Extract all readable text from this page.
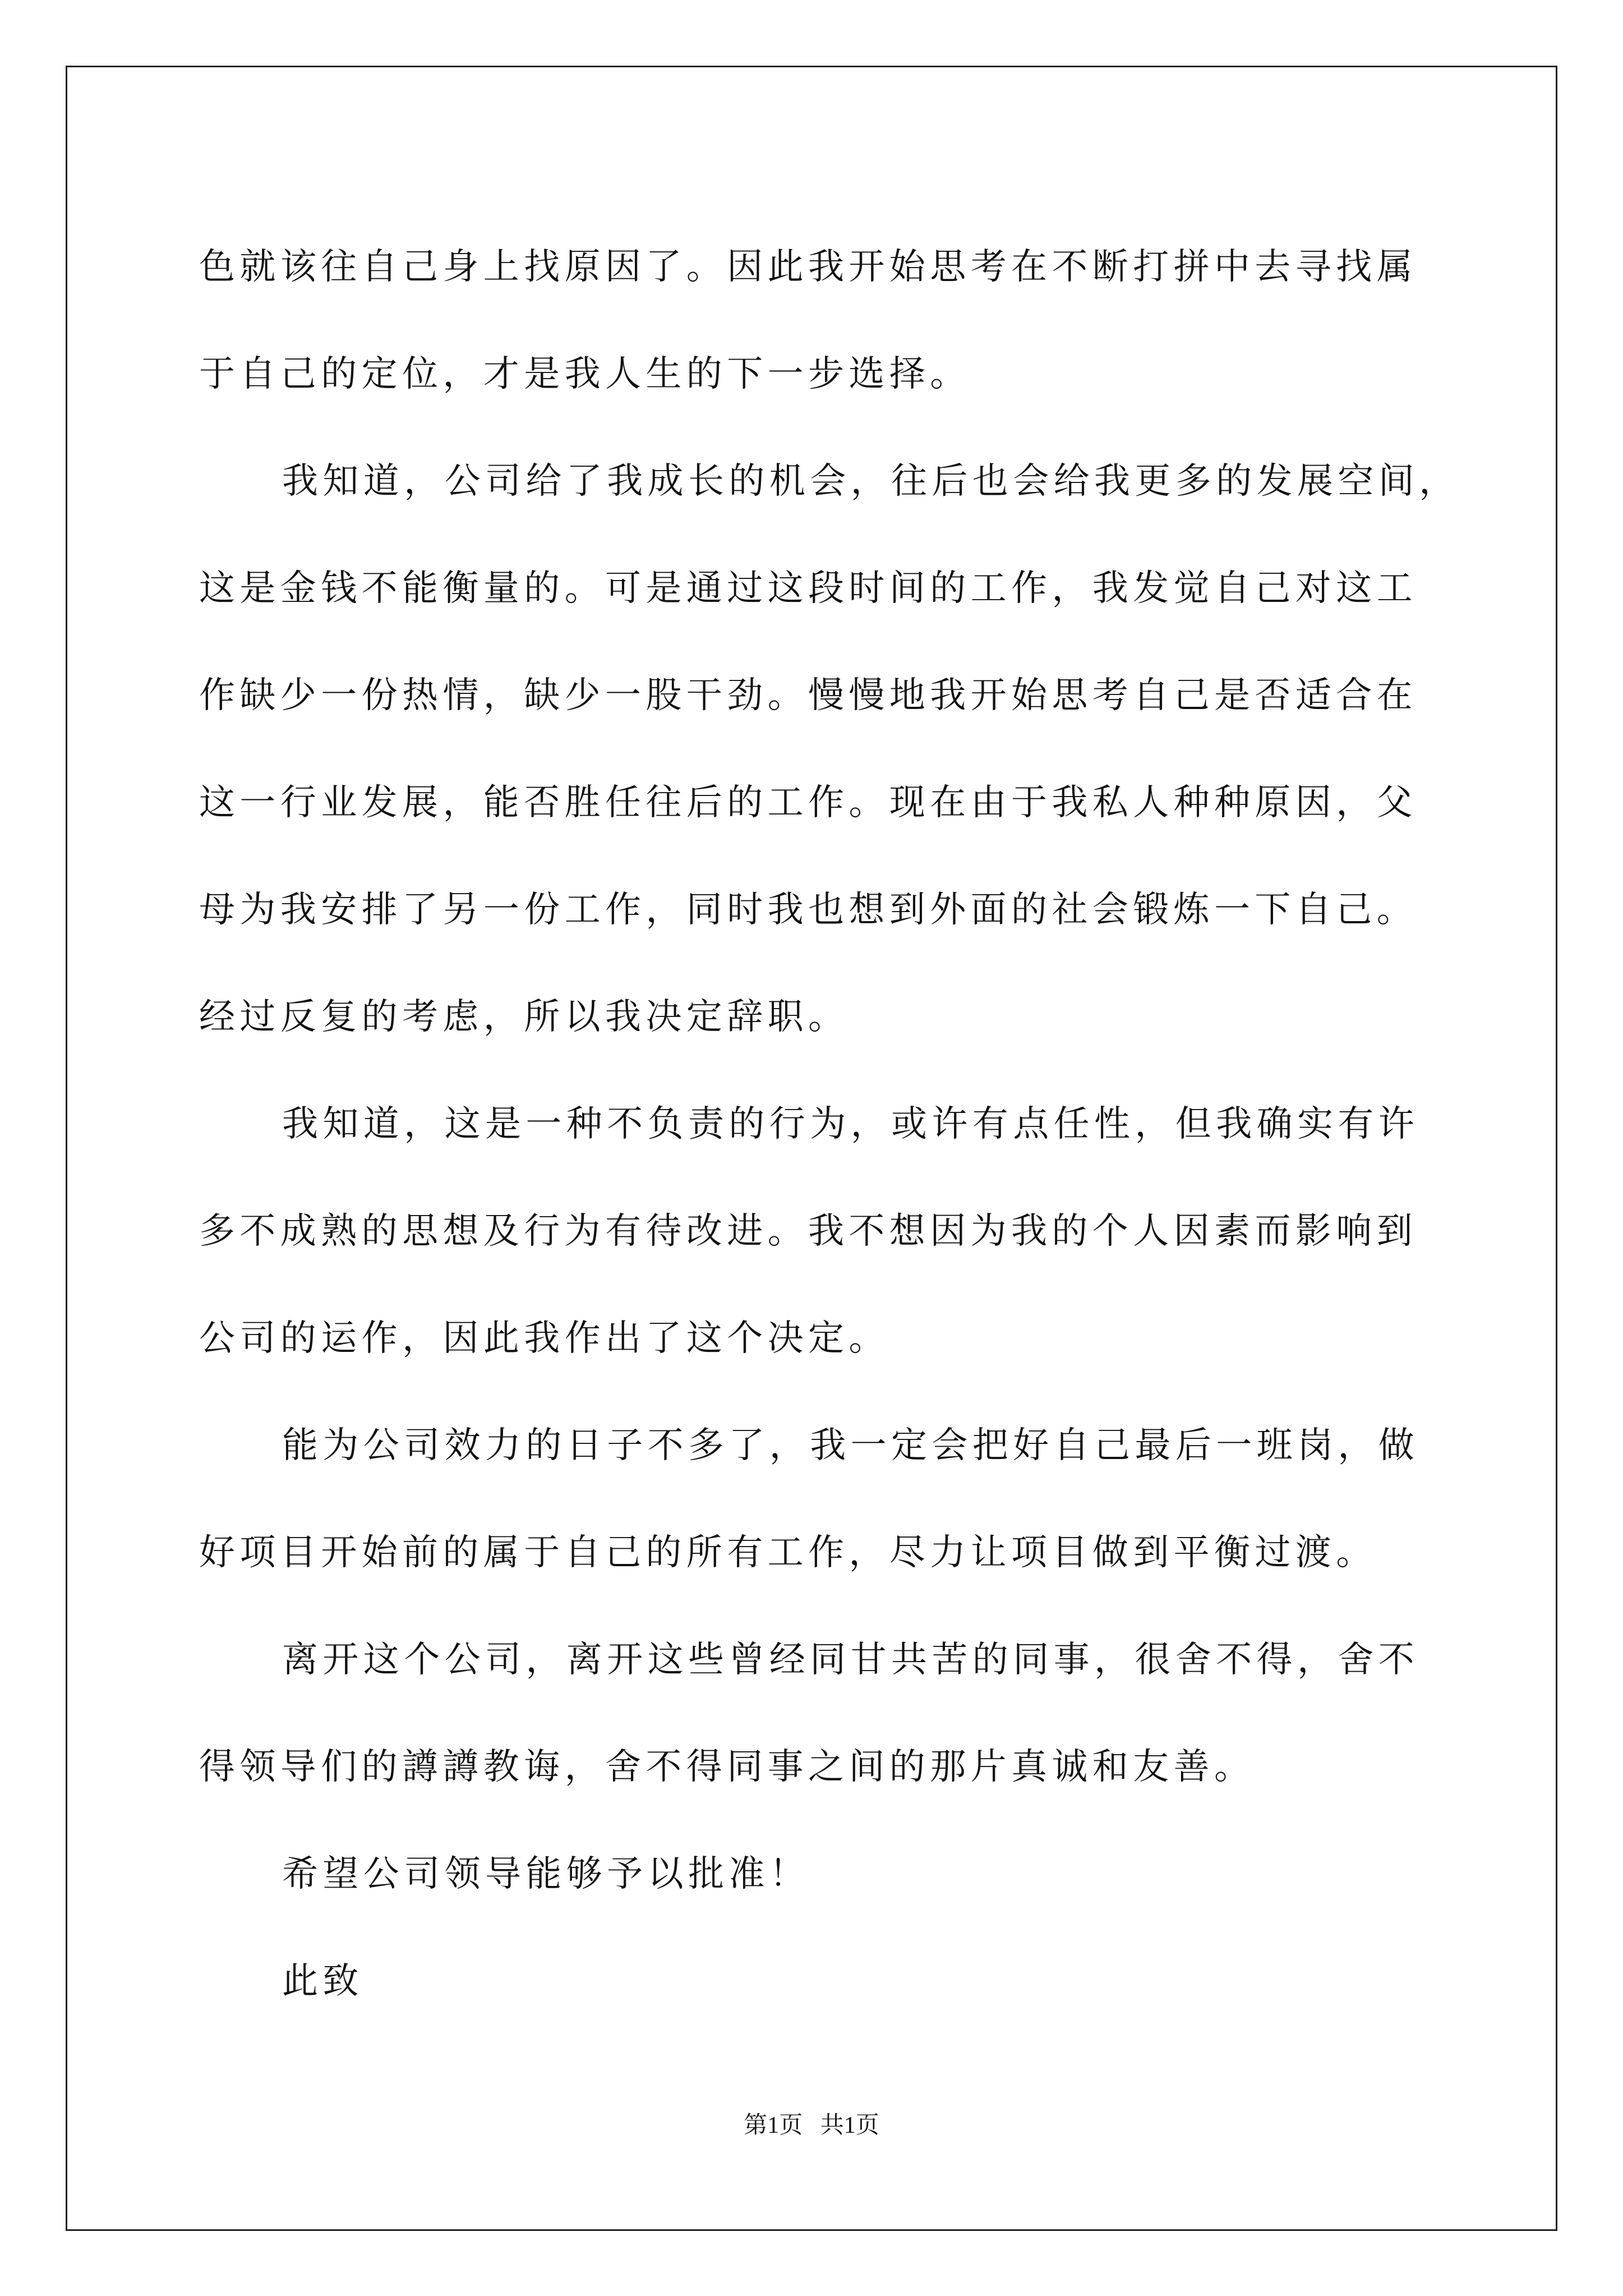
色就该往自己身上找原因了。因此我开始思考在不断打拼中去寻找属
于自己的定位，才是我人生的下一步选择。
我知道，公司给了我成长的机会，往后也会给我更多的发展空间，
这是金钱不能衡量的。可是通过这段时间的工作，我发觉自己对这工
作缺少一份热情，缺少一股干劲。慢慢地我开始思考自己是否适合在
这一行业发展，能否胜任往后的工作。现在由于我私人种种原因，父
母为我安排了另一份工作，同时我也想到外面的社会锻炼一下自己。
经过反复的考虑，所以我决定辞职。
我知道，这是一种不负责的行为，或许有点任性，但我确实有许
多不成熟的思想及行为有待改进。我不想因为我的个人因素而影响到
公司的运作，因此我作出了这个决定。
能为公司效力的日子不多了，我一定会把好自己最后一班岗，做
好项目开始前的属于自己的所有工作，尽力让项目做到平衡过渡。
离开这个公司，离开这些曾经同甘共苦的同事，很舍不得，舍不
得领导们的譐譐教诲，舍不得同事之间的那片真诚和友善。
希望公司领导能够予以批准！
此致
第1页   共1页
